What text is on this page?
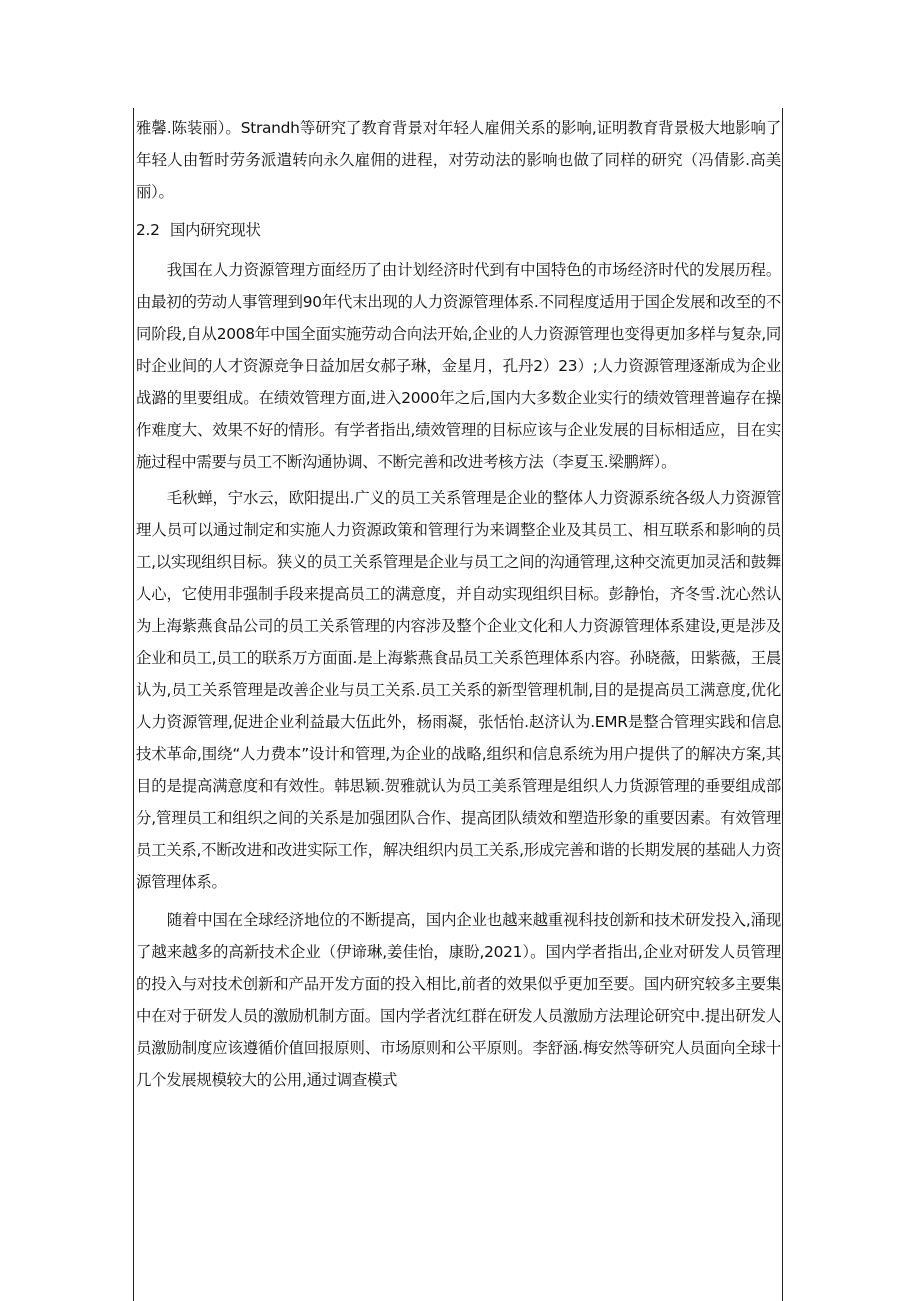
雅馨.陈装丽）。Strandh等研究了教育背景对年轻人雇佣关系的影响,证明教育背景极大地影响了年轻人由暂时劳务派遣转向永久雇佣的进程，对劳动法的影响也做了同样的研究（冯倩影.高美丽）。

2.2 国内研究现状

我国在人力资源管理方面经历了由计划经济时代到有中国特色的市场经济时代的发展历程。由最初的劳动人事管理到90年代末出现的人力资源管理体系.不同程度适用于国企发展和改至的不同阶段,自从2008年中国全面实施劳动合向法开始,企业的人力资源管理也变得更加多样与复杂,同时企业间的人才资源竞争日益加居女郝子琳，金星月，孔丹2）23）;人力资源管理逐渐成为企业战潞的里要组成。在绩效管理方面,进入2000年之后,国内大多数企业实行的绩效管理普遍存在操作难度大、效果不好的情形。有学者指出,绩效管理的目标应该与企业发展的目标相适应，目在实施过程中需要与员工不断沟通协调、不断完善和改进考核方法（李夏玉.梁鹏辉）。

毛秋蝉，宁水云，欧阳提出.广义的员工关系管理是企业的整体人力资源系统各级人力资源管理人员可以通过制定和实施人力资源政策和管理行为来调整企业及其员工、相互联系和影响的员工,以实现组织目标。狭义的员工关系管理是企业与员工之间的沟通管理,这种交流更加灵活和鼓舞人心，它使用非强制手段来提高员工的满意度，并自动实现组织目标。彭静怡，齐冬雪.沈心然认为上海紫燕食品公司的员工关系管理的内容涉及整个企业文化和人力资源管理体系建设,更是涉及企业和员工,员工的联系万方面面.是上海紫燕食品员工关系笆理体系内容。孙晓薇，田紫薇，王晨认为,员工关系管理是改善企业与员工关系.员工关系的新型管理机制,目的是提高员工满意度,优化人力资源管理,促进企业利益最大伍此外，杨雨凝，张恬怡.赵济认为.EMR是整合管理实践和信息技术革命,围绕“人力费本”设计和管理,为企业的战略,组织和信息系统为用户提供了的解决方案,其目的是提高满意度和有效性。韩思颖.贺雅就认为员工美系管理是组织人力货源管理的垂要组成部分,管理员工和组织之间的关系是加强团队合作、提高团队绩效和塑造形象的重要因素。有效管理员工关系,不断改进和改进实际工作，解决组织内员工关系,形成完善和谐的长期发展的基础人力资源管理体系。

随着中国在全球经济地位的不断提高，国内企业也越来越重视科技创新和技术研发投入,涌现了越来越多的高新技术企业（伊谛琳,姜佳怡，康盼,2021）。国内学者指出,企业对研发人员管理的投入与对技术创新和产品开发方面的投入相比,前者的效果似乎更加至要。国内研究较多主要集中在对于研发人员的激励机制方面。国内学者沈红群在研发人员激励方法理论研究中.提出研发人员激励制度应该遵循价值回报原则、市场原则和公平原则。李舒涵.梅安然等研究人员面向全球十几个发展规模较大的公用,通过调查模式
